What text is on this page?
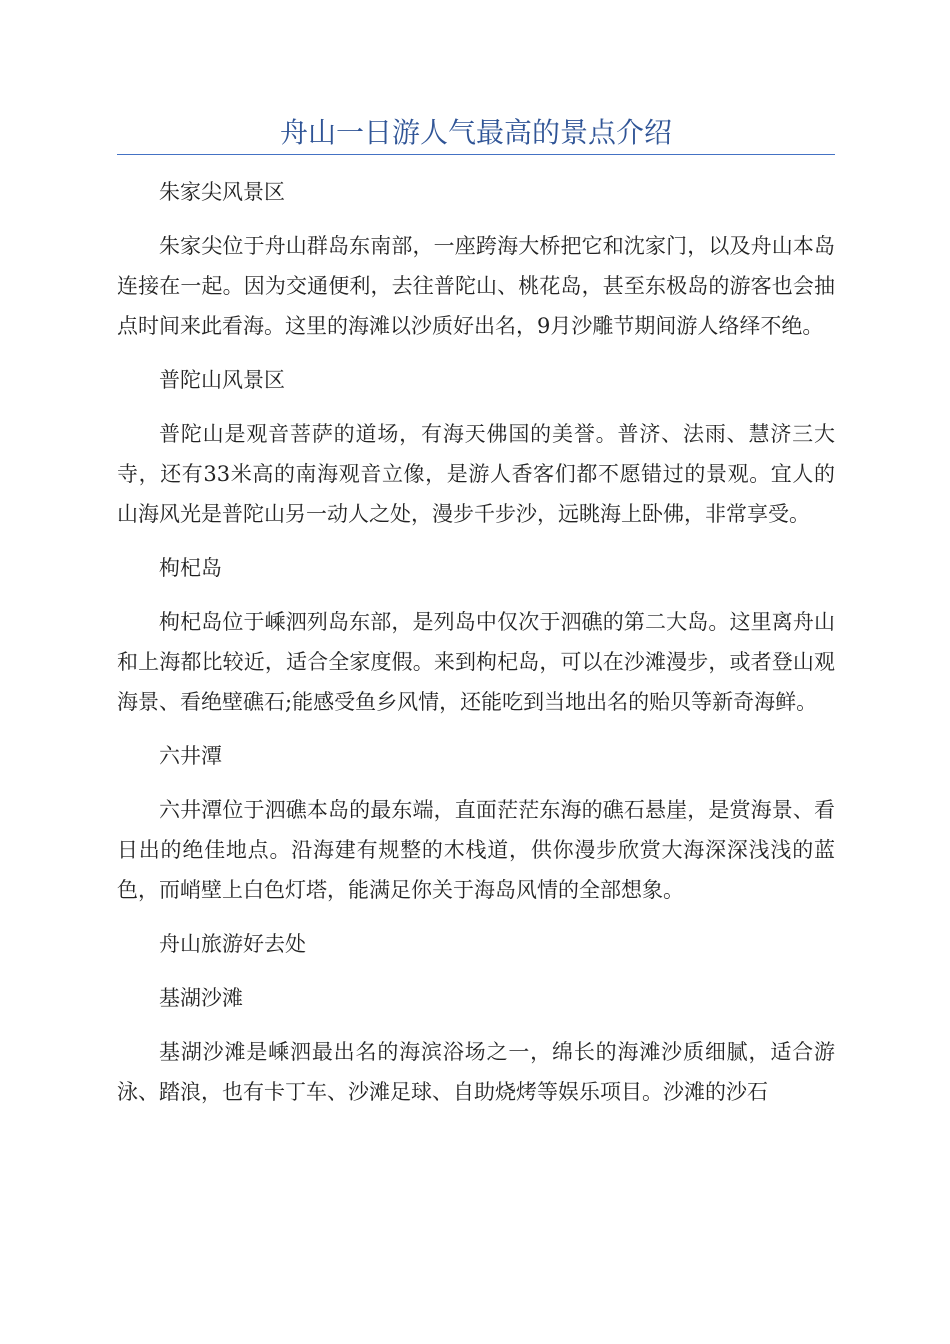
舟山一日游人气最高的景点介绍

朱家尖风景区

朱家尖位于舟山群岛东南部，一座跨海大桥把它和沈家门，以及舟山本岛连接在一起。因为交通便利，去往普陀山、桃花岛，甚至东极岛的游客也会抽点时间来此看海。这里的海滩以沙质好出名，9月沙雕节期间游人络绎不绝。

普陀山风景区

普陀山是观音菩萨的道场，有海天佛国的美誉。普济、法雨、慧济三大寺，还有33米高的南海观音立像，是游人香客们都不愿错过的景观。宜人的山海风光是普陀山另一动人之处，漫步千步沙，远眺海上卧佛，非常享受。

枸杞岛

枸杞岛位于嵊泗列岛东部，是列岛中仅次于泗礁的第二大岛。这里离舟山和上海都比较近，适合全家度假。来到枸杞岛，可以在沙滩漫步，或者登山观海景、看绝壁礁石;能感受鱼乡风情，还能吃到当地出名的贻贝等新奇海鲜。

六井潭

六井潭位于泗礁本岛的最东端，直面茫茫东海的礁石悬崖，是赏海景、看日出的绝佳地点。沿海建有规整的木栈道，供你漫步欣赏大海深深浅浅的蓝色，而峭壁上白色灯塔，能满足你关于海岛风情的全部想象。

舟山旅游好去处

基湖沙滩

基湖沙滩是嵊泗最出名的海滨浴场之一，绵长的海滩沙质细腻，适合游泳、踏浪，也有卡丁车、沙滩足球、自助烧烤等娱乐项目。沙滩的沙石
